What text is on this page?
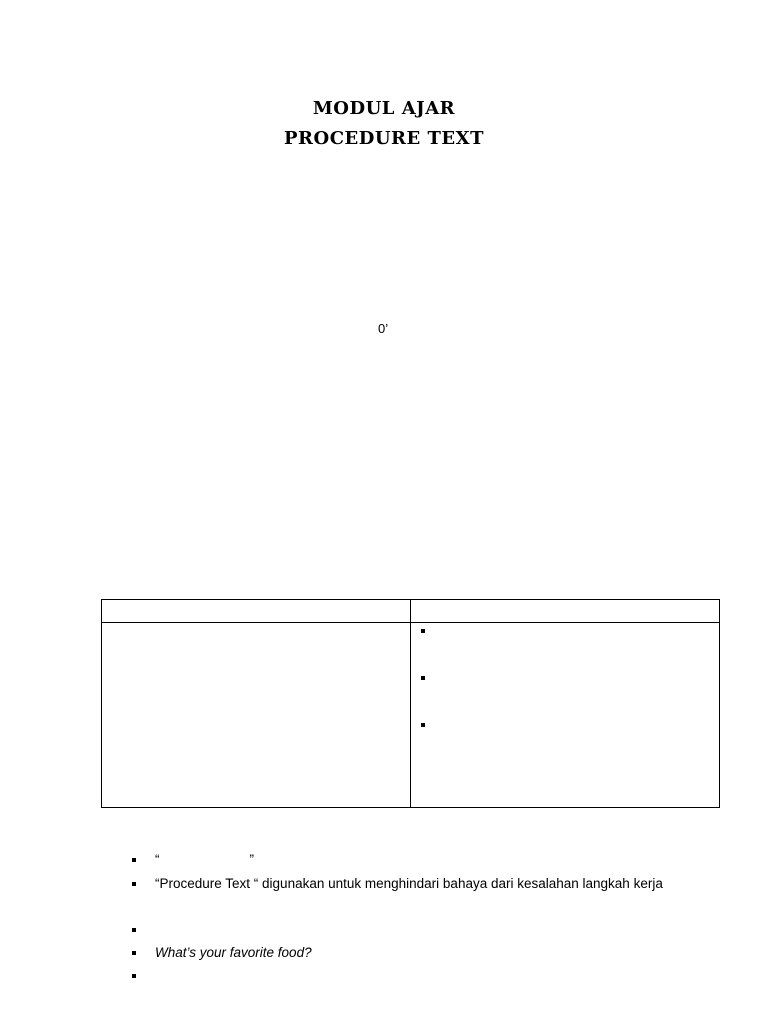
MODUL AJAR
PROCEDURE TEXT
0’

“                        ”
“Procedure Text “ digunakan untuk menghindari bahaya dari kesalahan langkah kerja
What’s your favorite food?
